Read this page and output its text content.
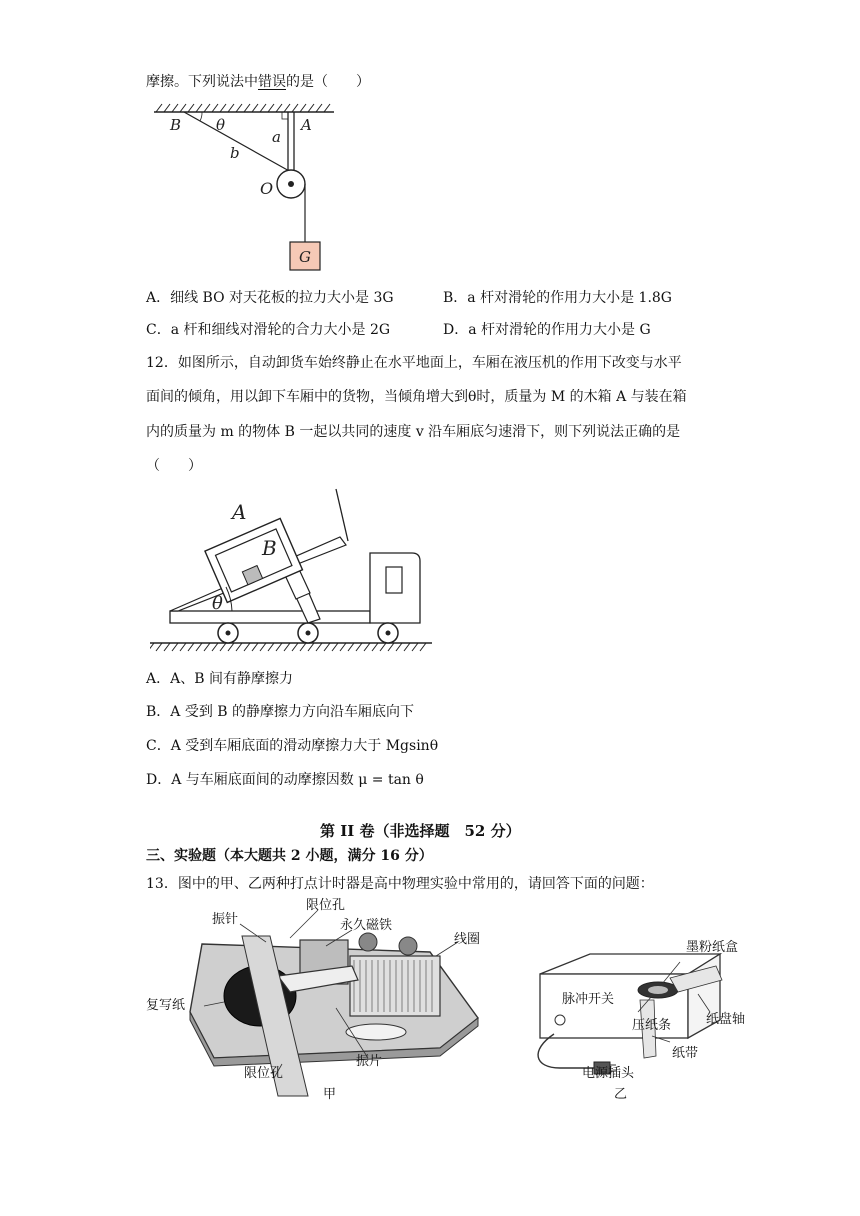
摩擦。下列说法中错误的是（　　）
B θ	A
a
b
O
G
A．细线 BO 对天花板的拉力大小是 3G	B．a 杆对滑轮的作用力大小是 1.8G
C．a 杆和细线对滑轮的合力大小是 2G	D．a 杆对滑轮的作用力大小是 G
12．如图所示，自动卸货车始终静止在水平地面上，车厢在液压机的作用下改变与水平
面间的倾角，用以卸下车厢中的货物，当倾角增大到θ时，质量为 M 的木箱 A 与装在箱
内的质量为 m 的物体 B 一起以共同的速度 v 沿车厢底匀速滑下，则下列说法正确的是
（　　）
A
B
θ
A．A、B 间有静摩擦力
B．A 受到 B 的静摩擦力方向沿车厢底向下
C．A 受到车厢底面的滑动摩擦力大于 Mgsinθ
D．A 与车厢底面间的动摩擦因数 μ = tan θ
第 II 卷（非选择题　52 分）
三、实验题（本大题共 2 小题，满分 16 分）
13．图中的甲、乙两种打点计时器是高中物理实验中常用的，请回答下面的问题：
振针
限位孔
永久磁铁
线圈
复写纸
限位孔
振片
甲
墨粉纸盒
脉冲开关
压纸条	纸盘轴
纸带
电源插头
乙
